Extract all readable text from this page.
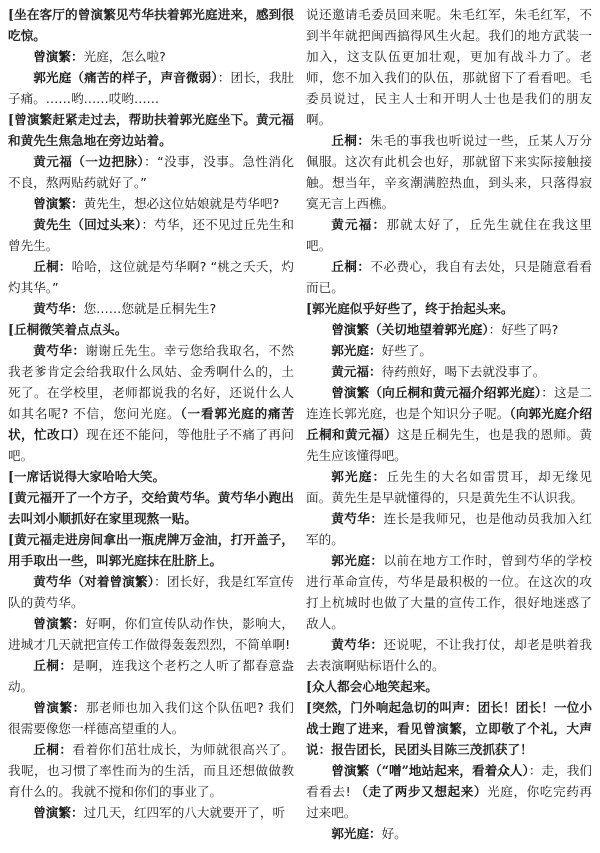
[坐在客厅的曾演繁见芍华扶着郭光庭进来，感到很吃惊。

曾演繁：光庭，怎么啦?

郭光庭（痛苦的样子，声音微弱）：团长，我肚子痛。……哟……哎哟……

[曾演繁赶紧走过去，帮助扶着郭光庭坐下。黄元福和黄先生焦急地在旁边站着。

黄元福（一边把脉）：“没事，没事。急性消化不良，熬两贴药就好了。”

曾演繁：黄先生，想必这位姑娘就是芍华吧?

黄先生（回过头来）：芍华，还不见过丘先生和曾先生。

丘桐：哈哈，这位就是芍华啊? “桃之夭夭，灼灼其华。”

黄芍华：您……您就是丘桐先生?

[丘桐微笑着点点头。

黄芍华：谢谢丘先生。幸亏您给我取名，不然我老爹肯定会给我取什么凤姑、金秀啊什么的，土死了。在学校里，老师都说我的名好，还说什么人如其名呢? 不信，您问光庭。（一看郭光庭的痛苦状，忙改口）现在还不能问，等他肚子不痛了再问吧。

[一席话说得大家哈哈大笑。

[黄元福开了一个方子，交给黄芍华。黄芍华小跑出去叫刘小顺抓好在家里现熬一贴。

[黄元福走进房间拿出一瓶虎牌万金油，打开盖子，用手取出一些，叫郭光庭抹在肚脐上。

黄芍华（对着曾演繁）：团长好，我是红军宣传队的黄芍华。

曾演繁：好啊，你们宣传队动作快，影响大，进城才几天就把宣传工作做得轰轰烈烈，不简单啊!

丘桐：是啊，连我这个老朽之人听了都春意盎动。

曾演繁：那老师也加入我们这个队伍吧? 我们很需要像您一样德高望重的人。

丘桐：看着你们茁壮成长，为师就很高兴了。我呢，也习惯了率性而为的生活，而且还想做做教育什么的。我就不搅和你们的事业了。

曾演繁：过几天，红四军的八大就要开了，听

说还邀请毛委员回来呢。朱毛红军，朱毛红军，不到半年就把闽西搞得风生火起。我们的地方武装一加入，这支队伍更加壮观，更加有战斗力了。老师，您不加入我们的队伍，那就留下了看看吧。毛委员说过，民主人士和开明人士也是我们的朋友啊。

丘桐：朱毛的事我也听说过一些，丘某人万分佩服。这次有此机会也好，那就留下来实际接触接触。想当年，辛亥潮满腔热血，到头来，只落得寂寞无言上西樵。

黄元福：那就太好了，丘先生就住在我这里吧。

丘桐：不必费心，我自有去处，只是随意看看而已。

[郭光庭似乎好些了，终于抬起头来。

曾演繁（关切地望着郭光庭）：好些了吗?

郭光庭：好些了。

黄元福：待药煎好，喝下去就没事了。

曾演繁（向丘桐和黄元福介绍郭光庭）：这是二连连长郭光庭，也是个知识分子呢。（向郭光庭介绍丘桐和黄元福）这是丘桐先生，也是我的恩师。黄先生应该懂得吧。

郭光庭：丘先生的大名如雷贯耳，却无缘见面。黄先生是早就懂得的，只是黄先生不认识我。

黄芍华：连长是我师兄，也是他动员我加入红军的。

郭光庭：以前在地方工作时，曾到芍华的学校进行革命宣传，芍华是最积极的一位。在这次的攻打上杭城时也做了大量的宣传工作，很好地迷惑了敌人。

黄芍华：还说呢，不让我打仗，却老是哄着我去表演啊贴标语什么的。

[众人都会心地笑起来。

[突然，门外响起急切的叫声：团长！团长！一位小战士跑了进来，看见曾演繁，立即敬了个礼，大声说：报告团长，民团头目陈三茂抓获了！

曾演繁（“噌”地站起来，看着众人）：走，我们看看去! （走了两步又想起来）光庭，你吃完药再过来吧。

郭光庭：好。
